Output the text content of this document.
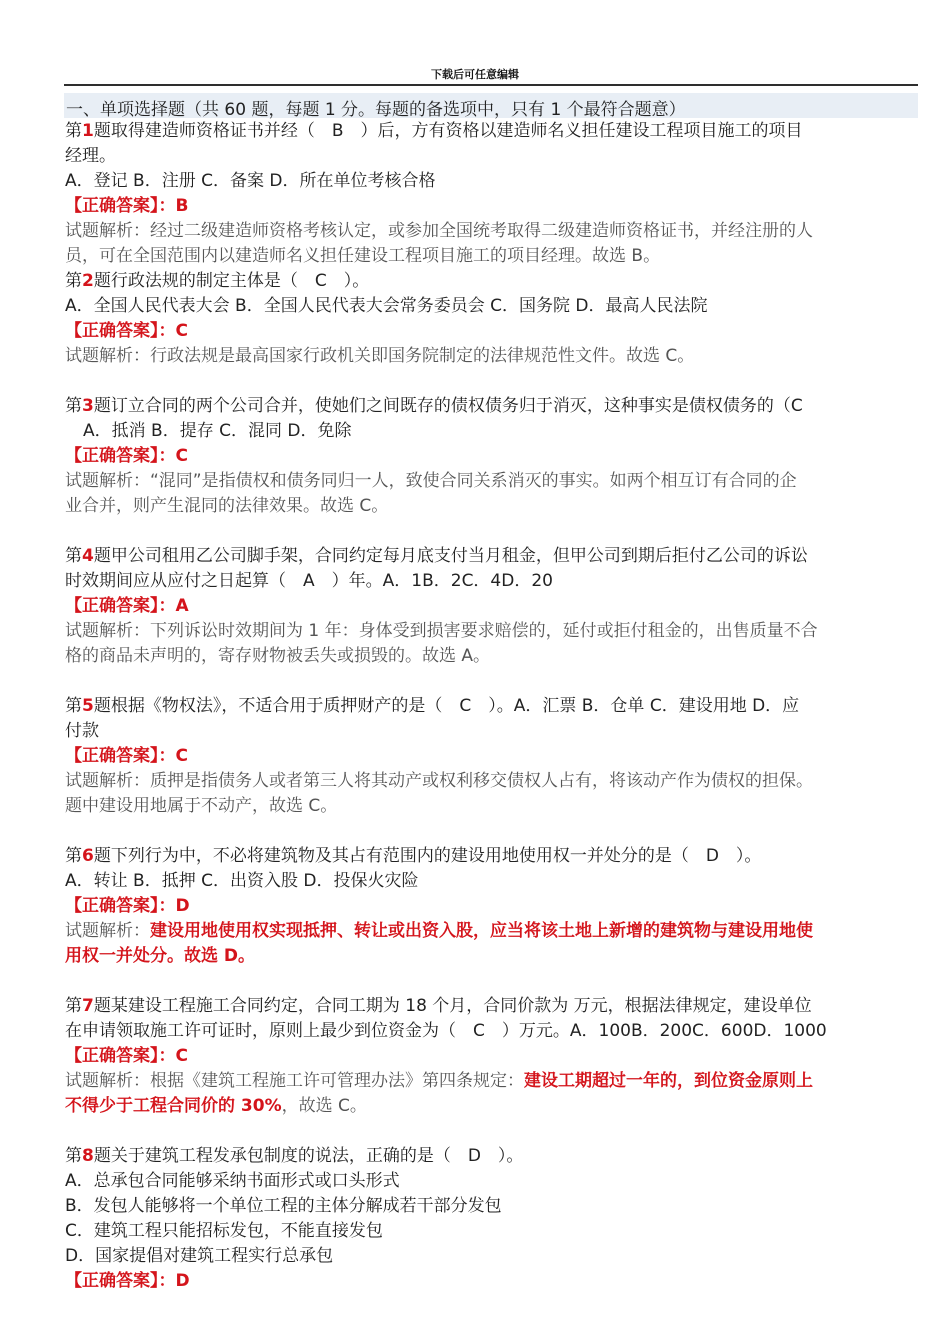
下载后可任意编辑
一、单项选择题（共 60 题，每题 1 分。每题的备选项中，只有 1 个最符合题意）
第1题取得建造师资格证书并经（　B　）后，方有资格以建造师名义担任建设工程项目施工的项目
经理。
A．登记 B．注册 C．备案 D．所在单位考核合格
【正确答案】：B
试题解析：经过二级建造师资格考核认定，或参加全国统考取得二级建造师资格证书，并经注册的人
员，可在全国范围内以建造师名义担任建设工程项目施工的项目经理。故选 B。
第2题行政法规的制定主体是（　C　）。
A．全国人民代表大会 B．全国人民代表大会常务委员会 C．国务院 D．最高人民法院
【正确答案】：C
试题解析：行政法规是最高国家行政机关即国务院制定的法律规范性文件。故选 C。
第3题订立合同的两个公司合并，使她们之间既存的债权债务归于消灭，这种事实是债权债务的（C
A．抵消 B．提存 C．混同 D．免除
【正确答案】：C
试题解析：“混同”是指债权和债务同归一人，致使合同关系消灭的事实。如两个相互订有合同的企
业合并，则产生混同的法律效果。故选 C。
第4题甲公司租用乙公司脚手架，合同约定每月底支付当月租金，但甲公司到期后拒付乙公司的诉讼
时效期间应从应付之日起算（　A　）年。A．1B．2C．4D．20
【正确答案】：A
试题解析：下列诉讼时效期间为 1 年：身体受到损害要求赔偿的，延付或拒付租金的，出售质量不合
格的商品未声明的，寄存财物被丢失或损毁的。故选 A。
第5题根据《物权法》，不适合用于质押财产的是（　C　）。A．汇票 B．仓单 C．建设用地 D．应
付款
【正确答案】：C
试题解析：质押是指债务人或者第三人将其动产或权利移交债权人占有，将该动产作为债权的担保。
题中建设用地属于不动产，故选 C。
第6题下列行为中，不必将建筑物及其占有范围内的建设用地使用权一并处分的是（　D　）。
A．转让 B．抵押 C．出资入股 D．投保火灾险
【正确答案】：D
试题解析：建设用地使用权实现抵押、转让或出资入股，应当将该土地上新增的建筑物与建设用地使
用权一并处分。故选 D。
第7题某建设工程施工合同约定，合同工期为 18 个月，合同价款为 万元，根据法律规定，建设单位
在申请领取施工许可证时，原则上最少到位资金为（　C　）万元。A．100B．200C．600D．1000
【正确答案】：C
试题解析：根据《建筑工程施工许可管理办法》第四条规定：建设工期超过一年的，到位资金原则上
不得少于工程合同价的 30%，故选 C。
第8题关于建筑工程发承包制度的说法，正确的是（　D　）。
A．总承包合同能够采纳书面形式或口头形式
B．发包人能够将一个单位工程的主体分解成若干部分发包
C．建筑工程只能招标发包，不能直接发包
D．国家提倡对建筑工程实行总承包
【正确答案】：D
